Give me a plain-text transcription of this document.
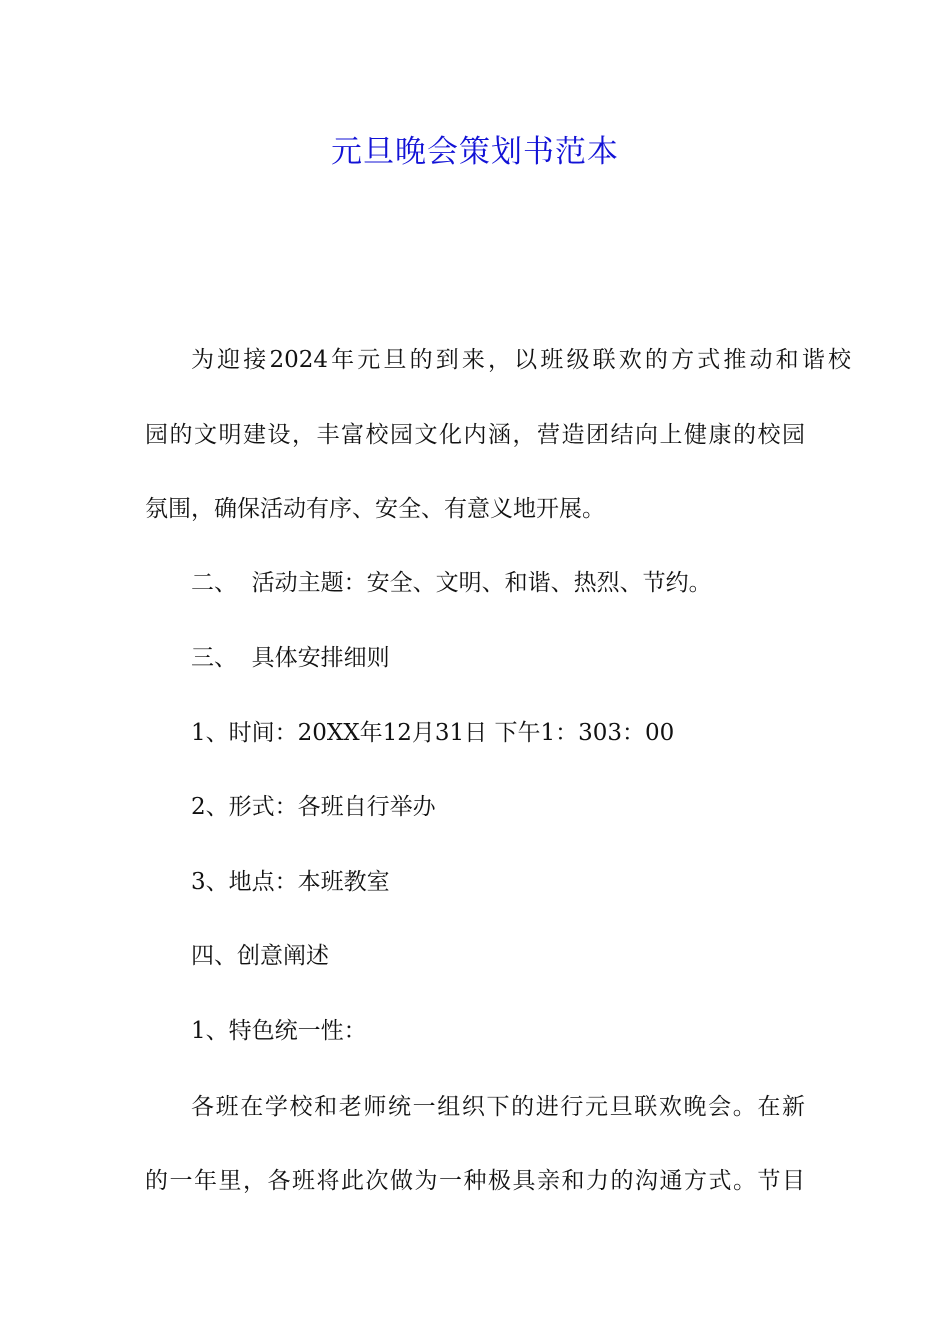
元旦晚会策划书范本
为迎接2024年元旦的到来，以班级联欢的方式推动和谐校
园的文明建设，丰富校园文化内涵，营造团结向上健康的校园
氛围，确保活动有序、安全、有意义地开展。
二、  活动主题：安全、文明、和谐、热烈、节约。
三、  具体安排细则
1、时间：20XX年12月31日 下午1：303：00
2、形式：各班自行举办
3、地点：本班教室
四、创意阐述
1、特色统一性：
各班在学校和老师统一组织下的进行元旦联欢晚会。在新
的一年里，各班将此次做为一种极具亲和力的沟通方式。节目
